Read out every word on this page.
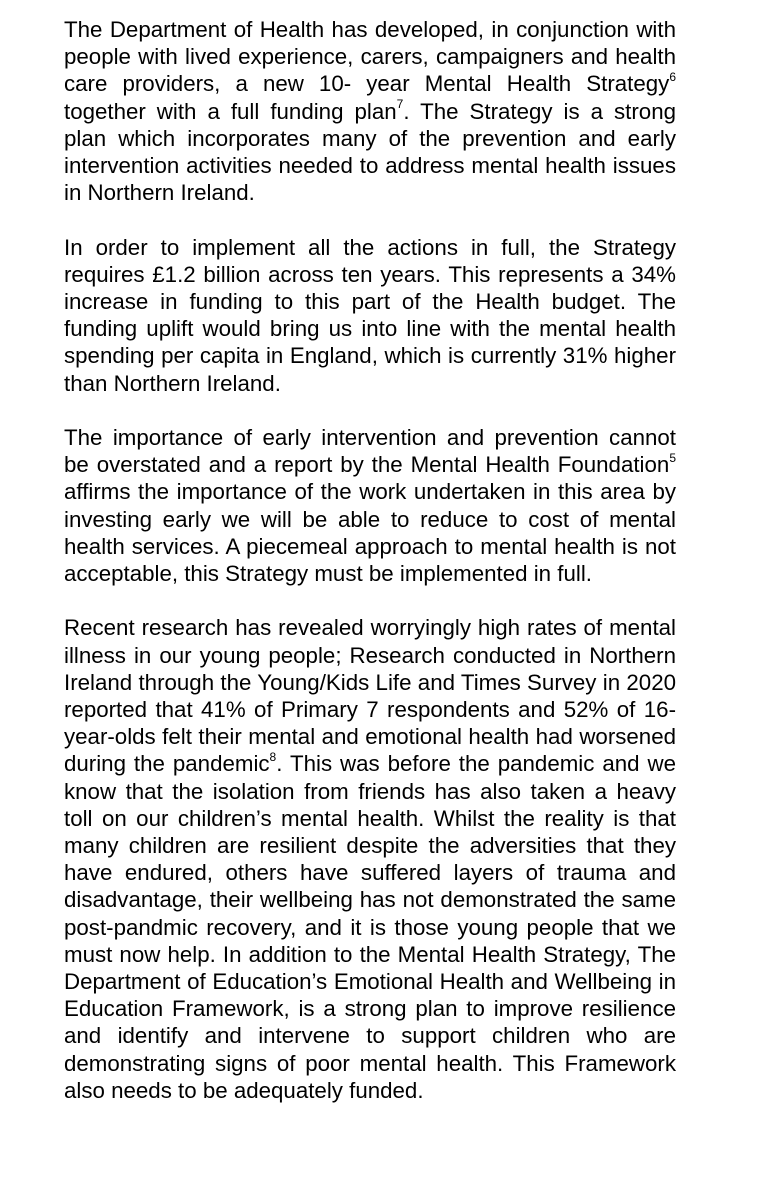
The Department of Health has developed, in conjunction with people with lived experience, carers, campaigners and health care providers, a new 10- year Mental Health Strategy$^6$ together with a full funding plan$^7$. The Strategy is a strong plan which incorporates many of the prevention and early intervention activities needed to address mental health issues in Northern Ireland.

In order to implement all the actions in full, the Strategy requires £1.2 billion across ten years. This represents a 34% increase in funding to this part of the Health budget. The funding uplift would bring us into line with the mental health spending per capita in England, which is currently 31% higher than Northern Ireland.

The importance of early intervention and prevention cannot be overstated and a report by the Mental Health Foundation$^5$ affirms the importance of the work undertaken in this area by investing early we will be able to reduce to cost of mental health services. A piecemeal approach to mental health is not acceptable, this Strategy must be implemented in full.

Recent research has revealed worryingly high rates of mental illness in our young people; Research conducted in Northern Ireland through the Young/Kids Life and Times Survey in 2020 reported that 41% of Primary 7 respondents and 52% of 16-year-olds felt their mental and emotional health had worsened during the pandemic$^8$. This was before the pandemic and we know that the isolation from friends has also taken a heavy toll on our children’s mental health. Whilst the reality is that many children are resilient despite the adversities that they have endured, others have suffered layers of trauma and disadvantage, their wellbeing has not demonstrated the same post-pandmic recovery, and it is those young people that we must now help. In addition to the Mental Health Strategy, The Department of Education’s Emotional Health and Wellbeing in Education Framework, is a strong plan to improve resilience and identify and intervene to support children who are demonstrating signs of poor mental health. This Framework also needs to be adequately funded.
